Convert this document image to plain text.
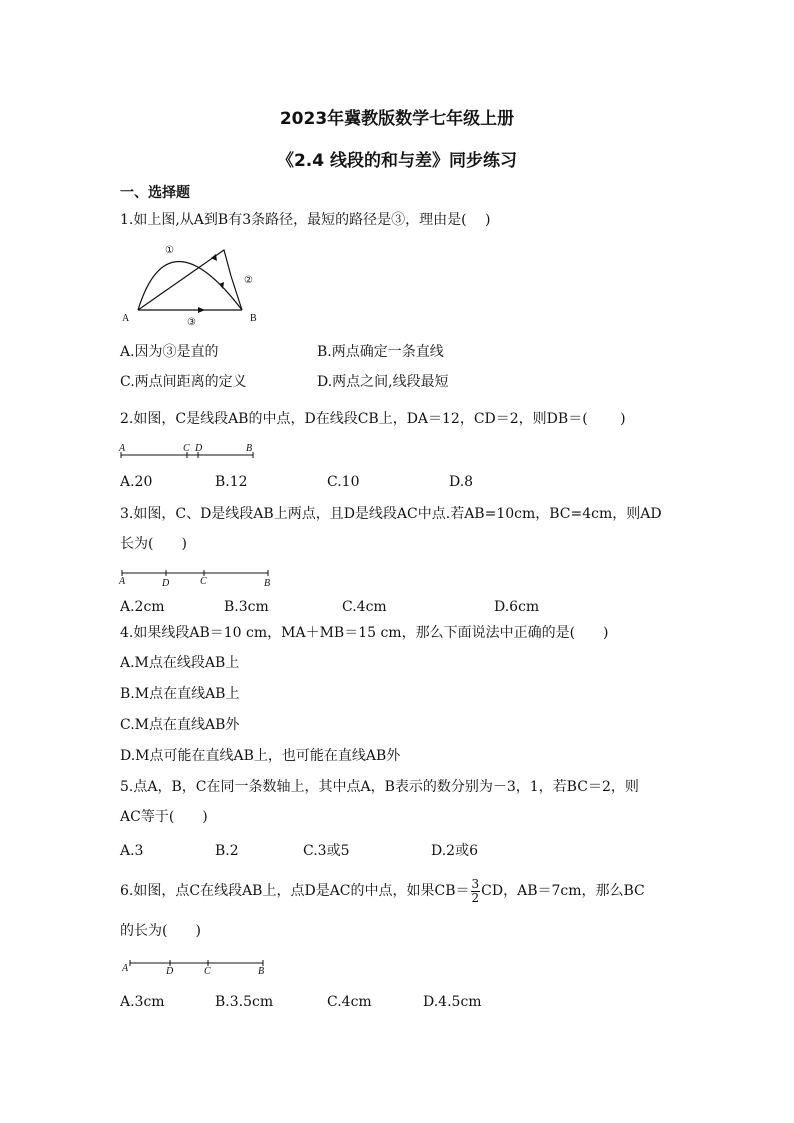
2023年冀教版数学七年级上册
《2.4 线段的和与差》同步练习
一、选择题
1.如上图,从A到B有3条路径，最短的路径是③，理由是(　 )
A	B
①
②
③
A.因为③是直的	B.两点确定一条直线
C.两点间距离的定义	D.两点之间,线段最短
2.如图，C是线段AB的中点，D在线段CB上，DA＝12，CD＝2，则DB＝(　　 )
A	C D	B
A.20	B.12	C.10	D.8
3.如图，C、D是线段AB上两点，且D是线段AC中点.若AB=10cm，BC=4cm，则AD
长为(　　)
A	D	C	B
A.2cm	B.3cm	C.4cm	D.6cm
4.如果线段AB＝10 cm，MA＋MB＝15 cm，那么下面说法中正确的是(　　)
A.M点在线段AB上
B.M点在直线AB上
C.M点在直线AB外
D.M点可能在直线AB上，也可能在直线AB外
5.点A，B，C在同一条数轴上，其中点A，B表示的数分别为－3，1，若BC＝2，则
AC等于(　　)
A.3	B.2	C.3或5	D.2或6
6.如图，点C在线段AB上，点D是AC的中点，如果$CB= \frac{3}{2}$ CD，AB＝7cm，那么BC
的长为(　　)
A	D	C	B
A.3cm	B.3.5cm	C.4cm	D.4.5cm
